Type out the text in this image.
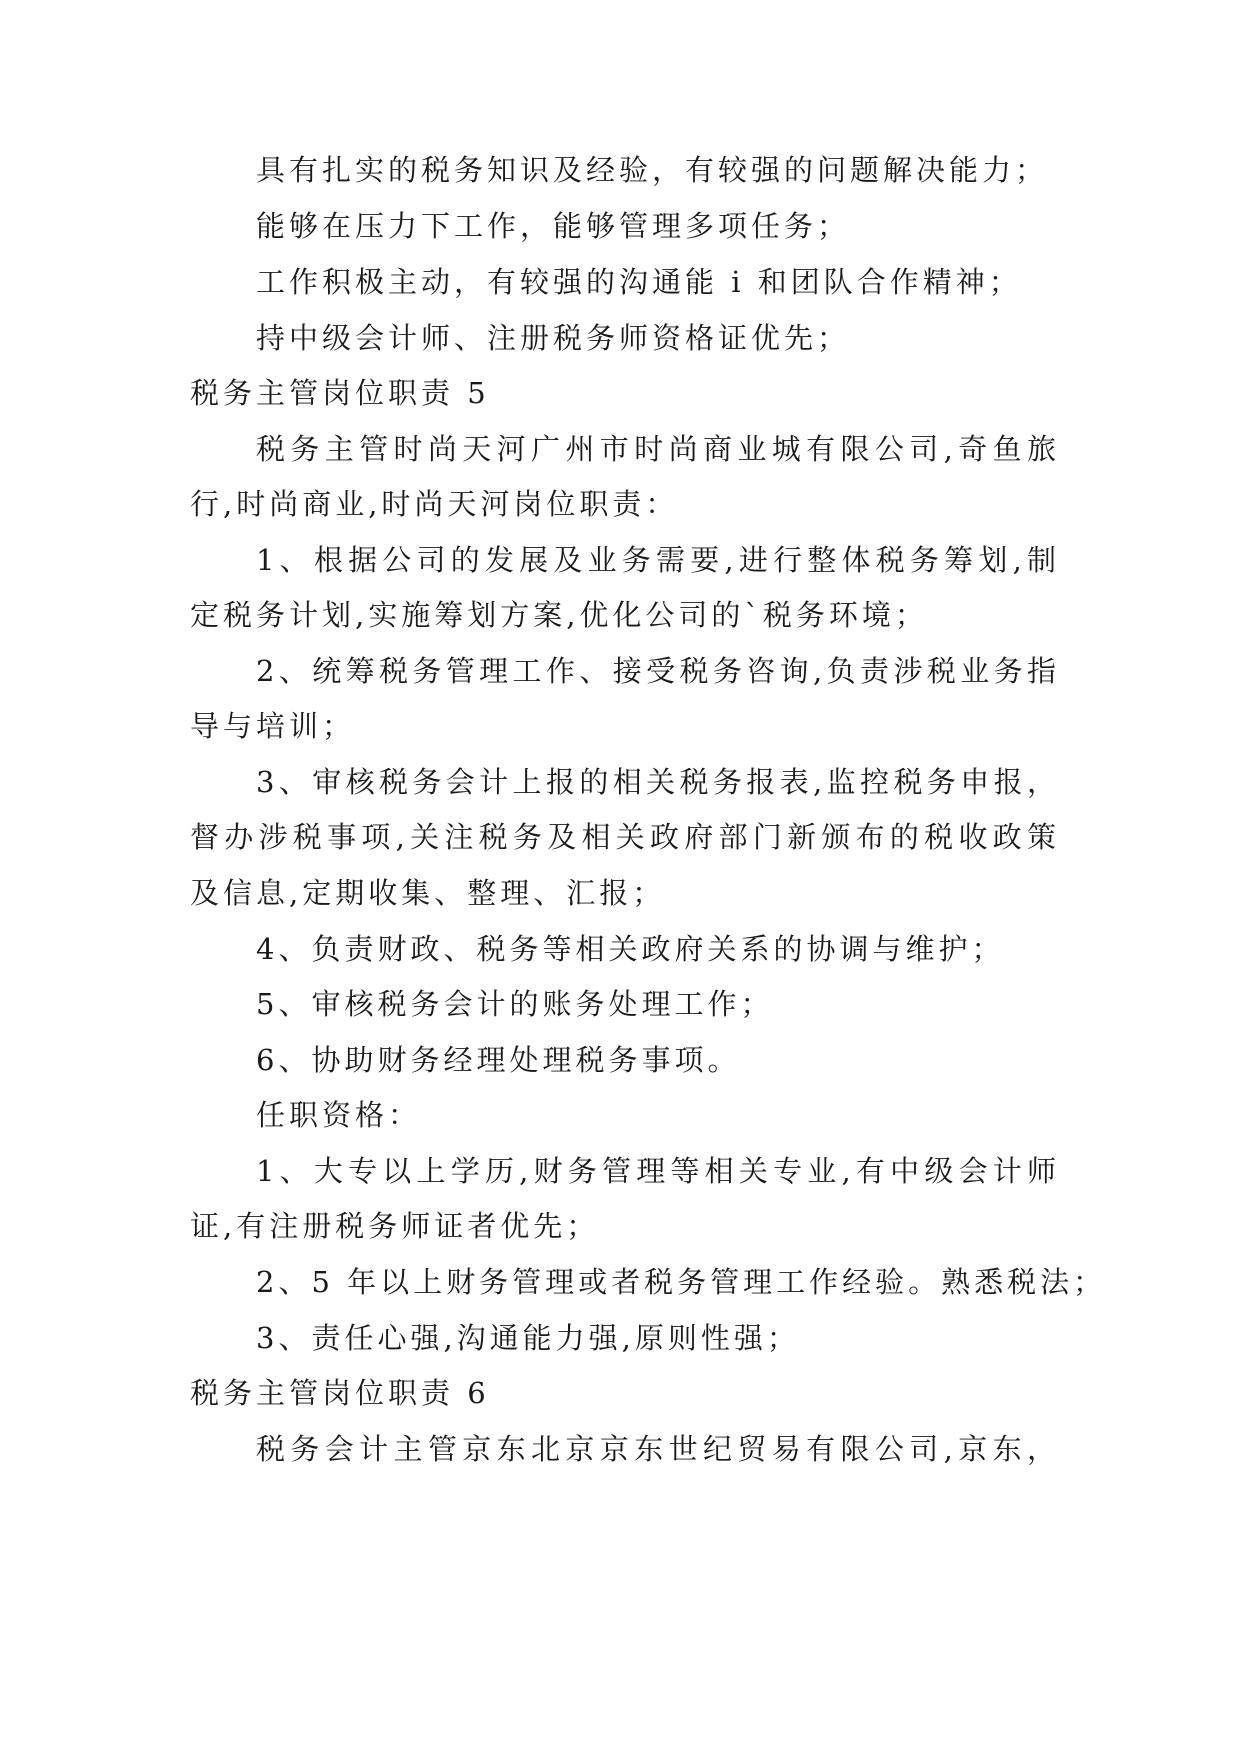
具有扎实的税务知识及经验，有较强的问题解决能力；
能够在压力下工作，能够管理多项任务；
工作积极主动，有较强的沟通能 i 和团队合作精神；
持中级会计师、注册税务师资格证优先；
税务主管岗位职责 5
税务主管时尚天河广州市时尚商业城有限公司,奇鱼旅
行,时尚商业,时尚天河岗位职责：
1、根据公司的发展及业务需要,进行整体税务筹划,制
定税务计划,实施筹划方案,优化公司的`税务环境；
2、统筹税务管理工作、接受税务咨询,负责涉税业务指
导与培训；
3、审核税务会计上报的相关税务报表,监控税务申报，
督办涉税事项,关注税务及相关政府部门新颁布的税收政策
及信息,定期收集、整理、汇报；
4、负责财政、税务等相关政府关系的协调与维护；
5、审核税务会计的账务处理工作；
6、协助财务经理处理税务事项。
任职资格：
1、大专以上学历,财务管理等相关专业,有中级会计师
证,有注册税务师证者优先；
2、5 年以上财务管理或者税务管理工作经验。熟悉税法；
3、责任心强,沟通能力强,原则性强；
税务主管岗位职责 6
税务会计主管京东北京京东世纪贸易有限公司,京东，
